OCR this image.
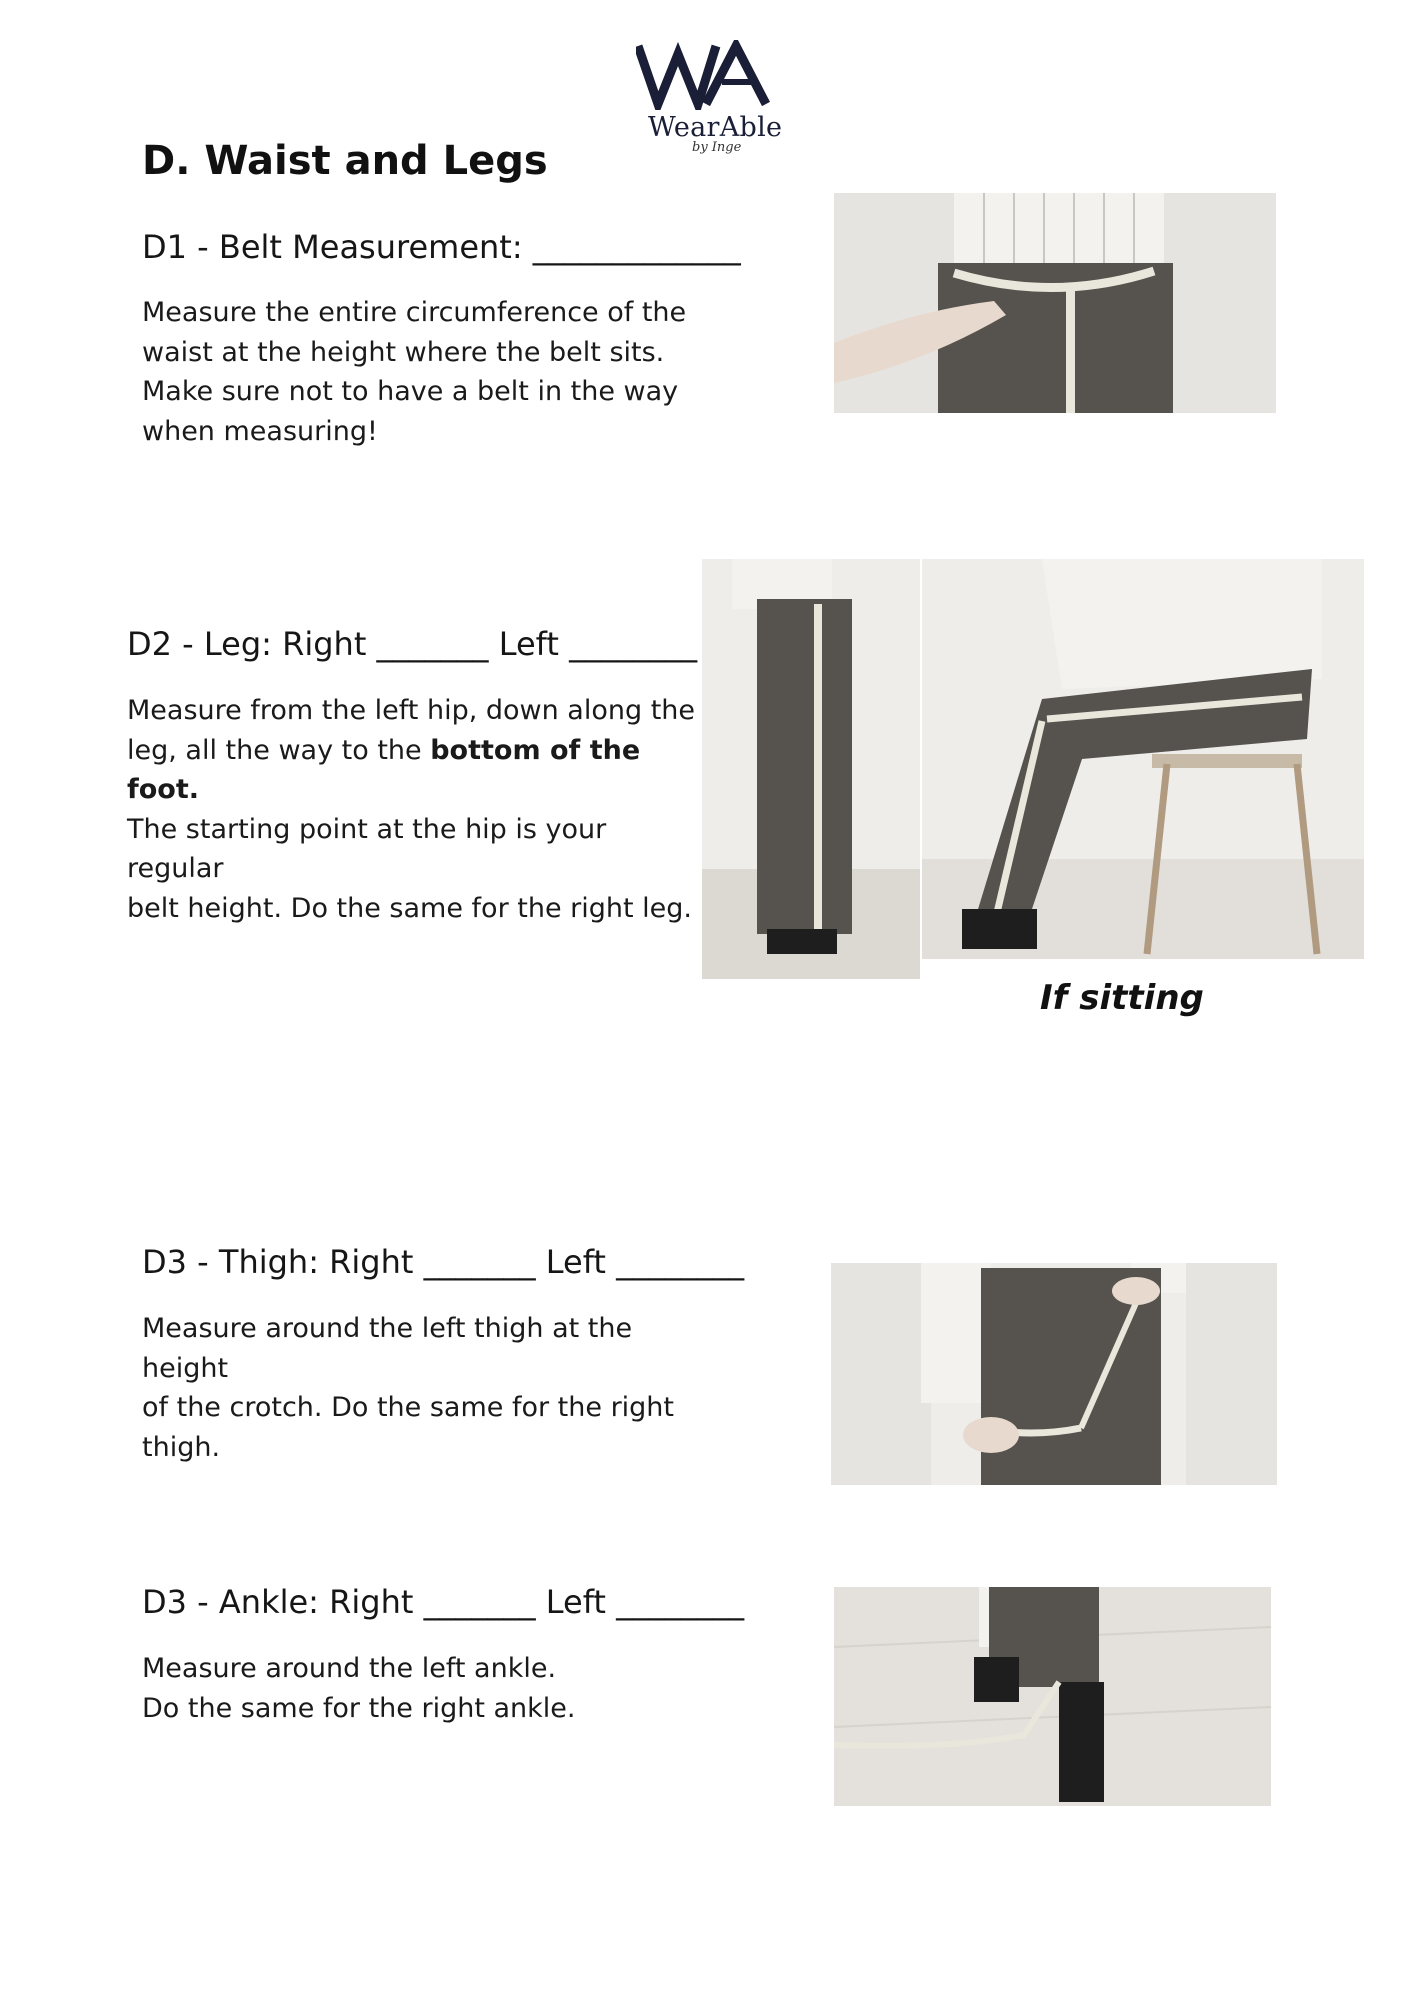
WearAble
by Inge
D. Waist and Legs
D1 - Belt Measurement: _____________
Measure the entire circumference of the
waist at the height where the belt sits.
Make sure not to have a belt in the way
when measuring!
D2 - Leg: Right _______ Left ________
Measure from the left hip, down along the
leg, all the way to the bottom of the foot.
The starting point at the hip is your regular
belt height. Do the same for the right leg.
If sitting
D3 - Thigh: Right _______ Left ________
Measure around the left thigh at the height
of the crotch. Do the same for the right
thigh.
D3 - Ankle: Right _______ Left ________
Measure around the left ankle.
Do the same for the right ankle.
